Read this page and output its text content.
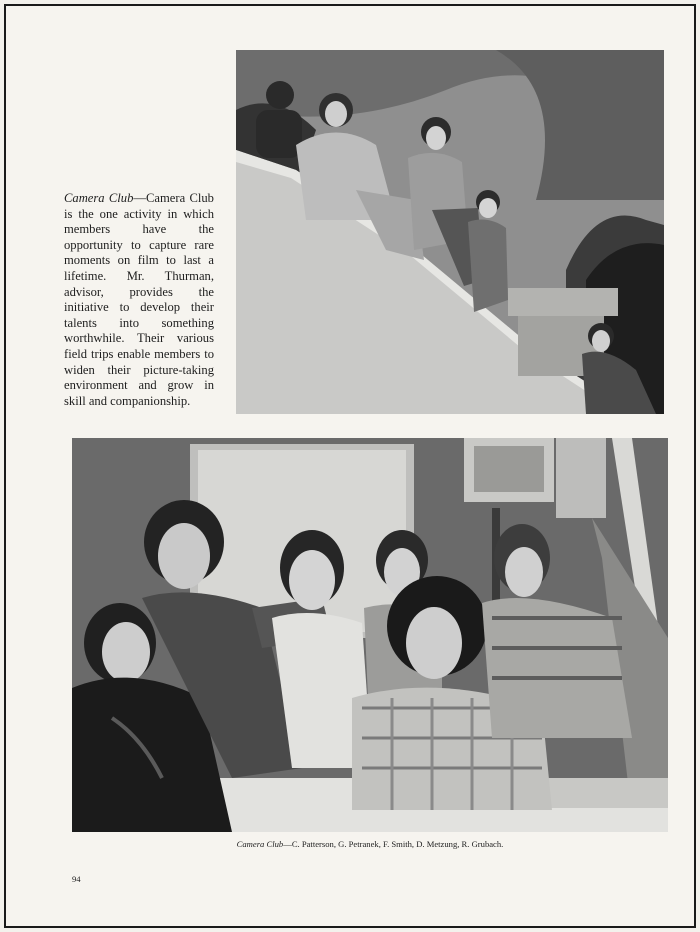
Camera Club—Camera Club is the one activity in which members have the opportunity to capture rare moments on film to last a lifetime. Mr. Thurman, advisor, provides the initiative to develop their talents into something worthwhile. Their various field trips enable members to widen their picture-taking environment and grow in skill and companionship.
Camera Club—C. Patterson, G. Petranek, F. Smith, D. Metzung, R. Grubach.
94
